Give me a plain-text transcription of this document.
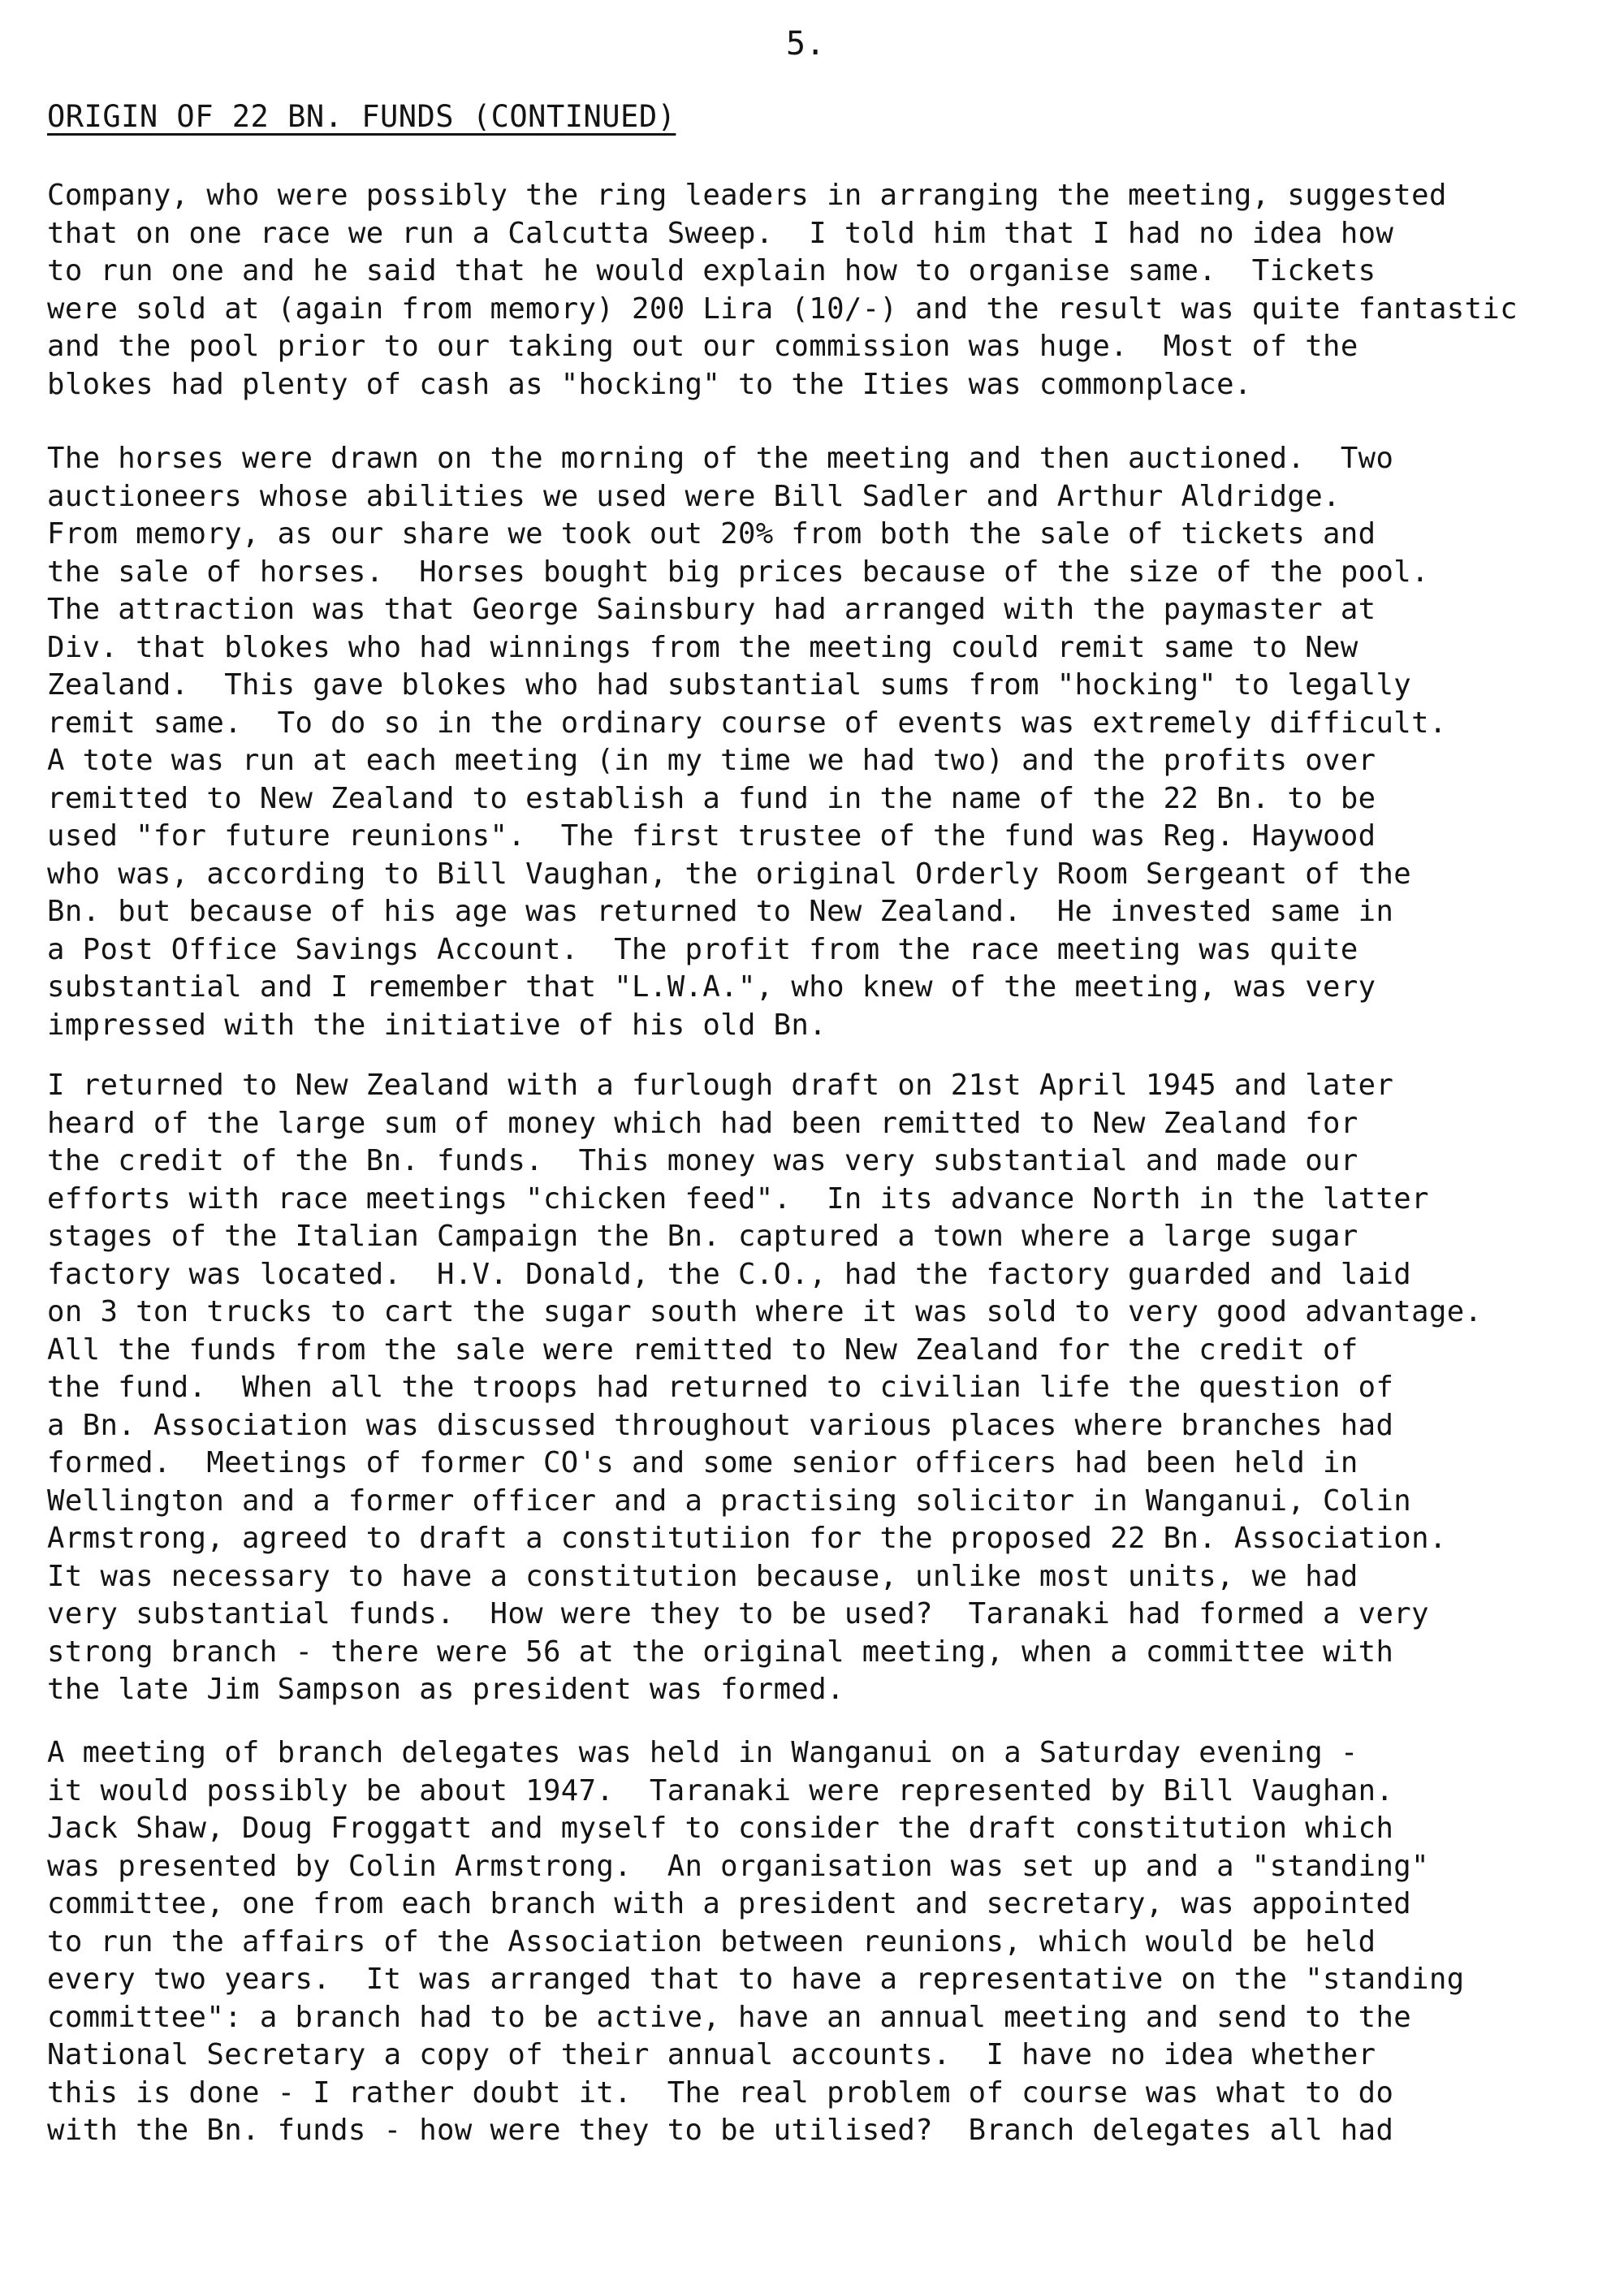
5.
ORIGIN OF 22 BN. FUNDS (CONTINUED)

Company, who were possibly the ring leaders in arranging the meeting, suggested
that on one race we run a Calcutta Sweep.  I told him that I had no idea how
to run one and he said that he would explain how to organise same.  Tickets
were sold at (again from memory) 200 Lira (10/-) and the result was quite fantastic
and the pool prior to our taking out our commission was huge.  Most of the
blokes had plenty of cash as "hocking" to the Ities was commonplace.

The horses were drawn on the morning of the meeting and then auctioned.  Two
auctioneers whose abilities we used were Bill Sadler and Arthur Aldridge.
From memory, as our share we took out 20% from both the sale of tickets and
the sale of horses.  Horses bought big prices because of the size of the pool.
The attraction was that George Sainsbury had arranged with the paymaster at
Div. that blokes who had winnings from the meeting could remit same to New
Zealand.  This gave blokes who had substantial sums from "hocking" to legally
remit same.  To do so in the ordinary course of events was extremely difficult.
A tote was run at each meeting (in my time we had two) and the profits over
remitted to New Zealand to establish a fund in the name of the 22 Bn. to be
used "for future reunions".  The first trustee of the fund was Reg. Haywood
who was, according to Bill Vaughan, the original Orderly Room Sergeant of the
Bn. but because of his age was returned to New Zealand.  He invested same in
a Post Office Savings Account.  The profit from the race meeting was quite
substantial and I remember that "L.W.A.", who knew of the meeting, was very
impressed with the initiative of his old Bn.

I returned to New Zealand with a furlough draft on 21st April 1945 and later
heard of the large sum of money which had been remitted to New Zealand for
the credit of the Bn. funds.  This money was very substantial and made our
efforts with race meetings "chicken feed".  In its advance North in the latter
stages of the Italian Campaign the Bn. captured a town where a large sugar
factory was located.  H.V. Donald, the C.O., had the factory guarded and laid
on 3 ton trucks to cart the sugar south where it was sold to very good advantage.
All the funds from the sale were remitted to New Zealand for the credit of
the fund.  When all the troops had returned to civilian life the question of
a Bn. Association was discussed throughout various places where branches had
formed.  Meetings of former CO's and some senior officers had been held in
Wellington and a former officer and a practising solicitor in Wanganui, Colin
Armstrong, agreed to draft a constitutiion for the proposed 22 Bn. Association.
It was necessary to have a constitution because, unlike most units, we had
very substantial funds.  How were they to be used?  Taranaki had formed a very
strong branch - there were 56 at the original meeting, when a committee with
the late Jim Sampson as president was formed.

A meeting of branch delegates was held in Wanganui on a Saturday evening -
it would possibly be about 1947.  Taranaki were represented by Bill Vaughan.
Jack Shaw, Doug Froggatt and myself to consider the draft constitution which
was presented by Colin Armstrong.  An organisation was set up and a "standing"
committee, one from each branch with a president and secretary, was appointed
to run the affairs of the Association between reunions, which would be held
every two years.  It was arranged that to have a representative on the "standing
committee": a branch had to be active, have an annual meeting and send to the
National Secretary a copy of their annual accounts.  I have no idea whether
this is done - I rather doubt it.  The real problem of course was what to do
with the Bn. funds - how were they to be utilised?  Branch delegates all had
